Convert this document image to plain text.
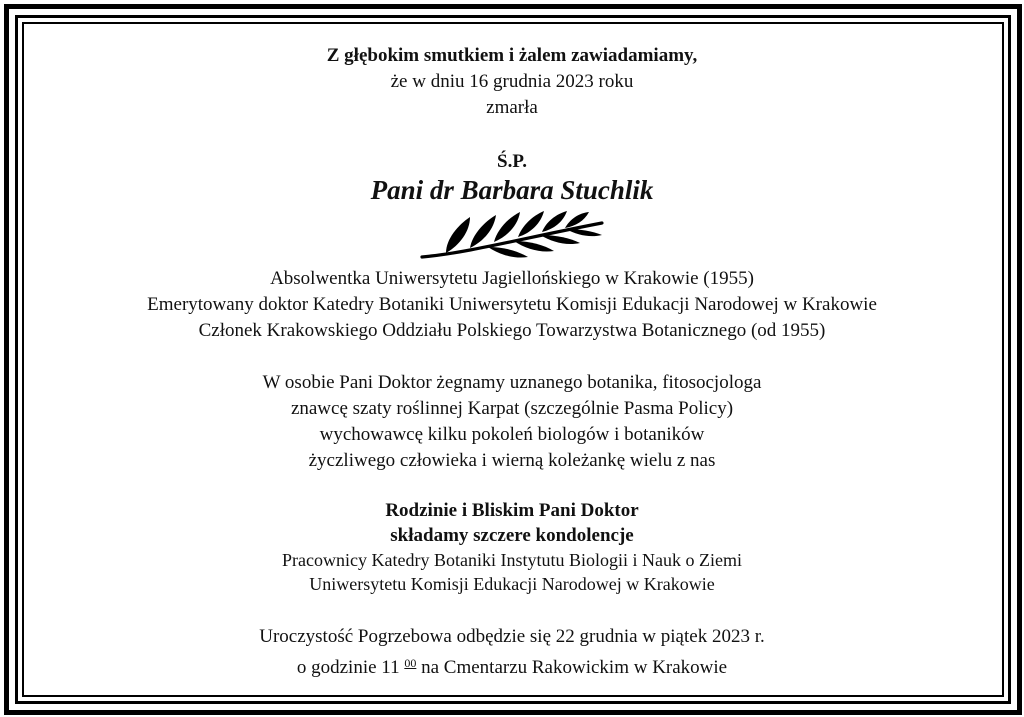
Z głębokim smutkiem i żalem zawiadamiamy,
że w dniu 16 grudnia 2023 roku
zmarła
Ś.P.
Pani dr Barbara Stuchlik
Absolwentka Uniwersytetu Jagiellońskiego w Krakowie (1955)
Emerytowany doktor Katedry Botaniki Uniwersytetu Komisji Edukacji Narodowej w Krakowie
Członek Krakowskiego Oddziału Polskiego Towarzystwa Botanicznego (od 1955)
W osobie Pani Doktor żegnamy uznanego botanika, fitosocjologa
znawcę szaty roślinnej Karpat (szczególnie Pasma Policy)
wychowawcę kilku pokoleń biologów i botaników
życzliwego człowieka i wierną koleżankę wielu z nas
Rodzinie i Bliskim Pani Doktor
składamy szczere kondolencje
Pracownicy Katedry Botaniki Instytutu Biologii i Nauk o Ziemi
Uniwersytetu Komisji Edukacji Narodowej w Krakowie
Uroczystość Pogrzebowa odbędzie się 22 grudnia w piątek 2023 r.
o godzinie 11 $^{00}$ na Cmentarzu Rakowickim w Krakowie
